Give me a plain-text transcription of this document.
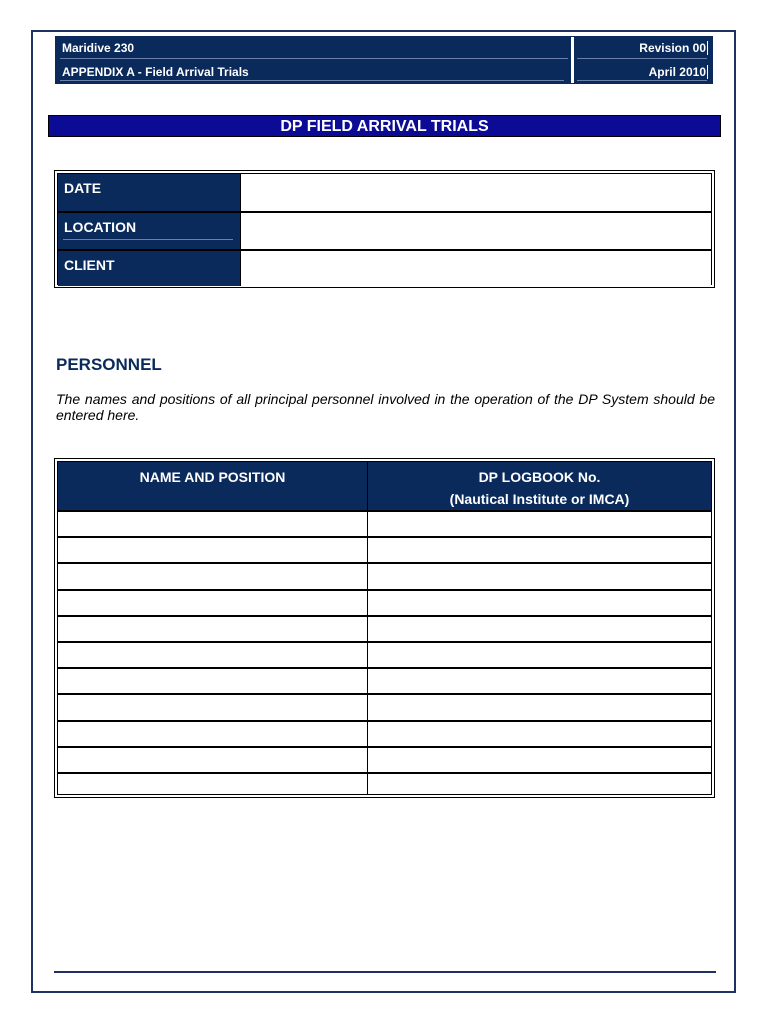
Maridive 230	Revision 00
APPENDIX A - Field Arrival Trials	April 2010
DP FIELD ARRIVAL TRIALS
DATE
LOCATION
CLIENT
PERSONNEL
The names and positions of all principal personnel involved in the operation of the DP System should be entered here.
NAME AND POSITION	DP LOGBOOK No.
(Nautical Institute or IMCA)
